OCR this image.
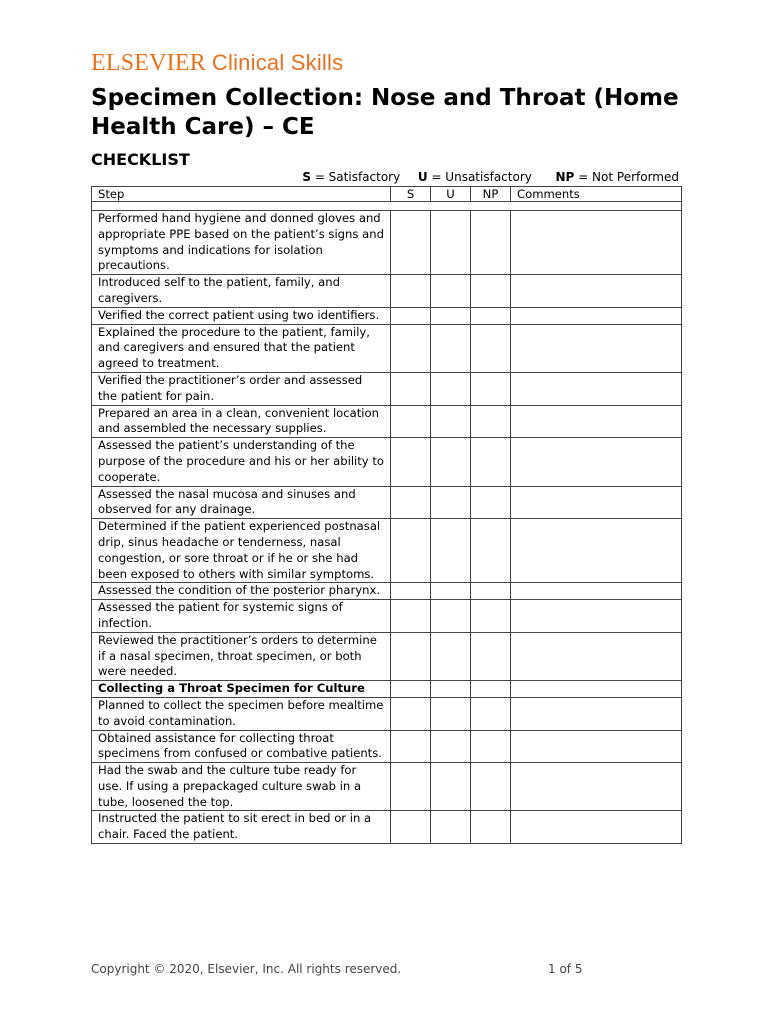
ELSEVIER Clinical Skills
Specimen Collection: Nose and Throat (Home Health Care) – CE
CHECKLIST
S = Satisfactory U = Unsatisfactory NP = Not Performed
Step	S	U	NP	Comments

Performed hand hygiene and donned gloves and appropriate PPE based on the patient’s signs and symptoms and indications for isolation precautions.				
Introduced self to the patient, family, and caregivers.				
Verified the correct patient using two identifiers.				
Explained the procedure to the patient, family, and caregivers and ensured that the patient agreed to treatment.				
Verified the practitioner’s order and assessed the patient for pain.				
Prepared an area in a clean, convenient location and assembled the necessary supplies.				
Assessed the patient’s understanding of the purpose of the procedure and his or her ability to cooperate.				
Assessed the nasal mucosa and sinuses and observed for any drainage.				
Determined if the patient experienced postnasal drip, sinus headache or tenderness, nasal congestion, or sore throat or if he or she had been exposed to others with similar symptoms.				
Assessed the condition of the posterior pharynx.				
Assessed the patient for systemic signs of infection.				
Reviewed the practitioner’s orders to determine if a nasal specimen, throat specimen, or both were needed.				
Collecting a Throat Specimen for Culture				
Planned to collect the specimen before mealtime to avoid contamination.				
Obtained assistance for collecting throat specimens from confused or combative patients.				
Had the swab and the culture tube ready for use. If using a prepackaged culture swab in a tube, loosened the top.				
Instructed the patient to sit erect in bed or in a chair. Faced the patient.				
Copyright © 2020, Elsevier, Inc. All rights reserved.	1 of 5
